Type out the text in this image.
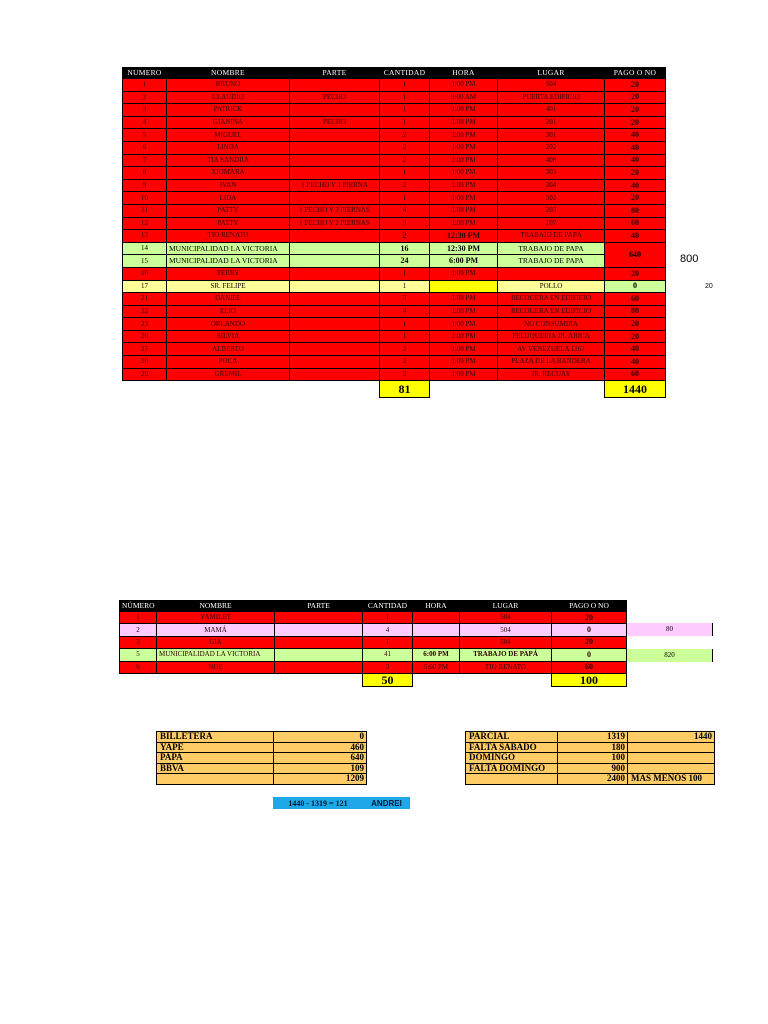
NUMERO	NOMBRE	PARTE	CANTIDAD	HORA	LUGAR	PAGO O NO
1	BRUNO		1	1:00 PM	504	20
2	CLAUDIO	PECHO	1	9:00 AM	PUERTA EDIFICIO	20
3	PATRICK		1	1:00 PM	401	20
4	GIANINA	PECHO	1	1:00 PM	201	20
5	MIGUEL		2	1:00 PM	301	40
6	LINDA		2	1:00 PM	202	40
7	TIA SANDRA		2	1:00 PM	408	40
8	XIOMARA		1	1:00 PM	303	20
9	IVAN	1 PECHO Y 1 PIERNA	2	1:00 PM	304	40
10	LIDA		1	1:00 PM	502	20
11	PATTY	1 PECHO Y 3 PIERNAS	4	1:00 PM	203	80
12	PATTY	1 PECHO Y 2 PIERNAS	3	1:00 PM	107	60
13	TIO RENATO		2	12:30 PM	TRABAJO DE PAPÁ	40
14	MUNICIPALIDAD LA VICTORIA		16	12:30 PM	TRABAJO DE PAPA	640
15	MUNICIPALIDAD LA VICTORIA		24	6:00 PM	TRABAJO DE PAPA	
16	TERRY		1	1:00 PM		20
17	SR. FELIPE		1		POLLO	0
21	DANIEL		3	1:00 PM	RECOGERA EN EDIFICIO	60
22	ELIO		4	1:00 PM	RECOGERA EN EDIFICIO	80
23	ORLANDO		1	1:00 PM	NO CONSUMIRA	20
26	SILVIA		1	1:00 PM	PELUQUERIA JR. ARICA	20
27	ALBERTO		2	1:00 PM	AV VENEZUELA 1167	40
28	POCA		2	1:00 PM	PLAZA DE LA BANDERA	40
29	GREMIL		3	1:00 PM	JR. RECUAY	60
			81			1440
800
20
NÚMERO	NOMBRE	PARTE	CANTIDAD	HORA	LUGAR	PAGO O NO
1	YAMILET		1		504	20
2	MAMÁ		4		504	0
3	GIA		1		504	20
5	MUNICIPALIDAD LA VICTORIA		41	6:00 PM	TRABAJO DE PAPÁ	0
6	NOE		3	5:00 PM	TIO RENATO	60
			50			100
80
820
BILLETERA	0
YAPE	460
PAPA	640
BBVA	109
	1209
PARCIAL	1319	1440
FALTA SABADO	180	
DOMINGO	100	
FALTA DOMINGO	900	
	2400	MAS MENOS 100
1440 - 1319 = 121	ANDREI
